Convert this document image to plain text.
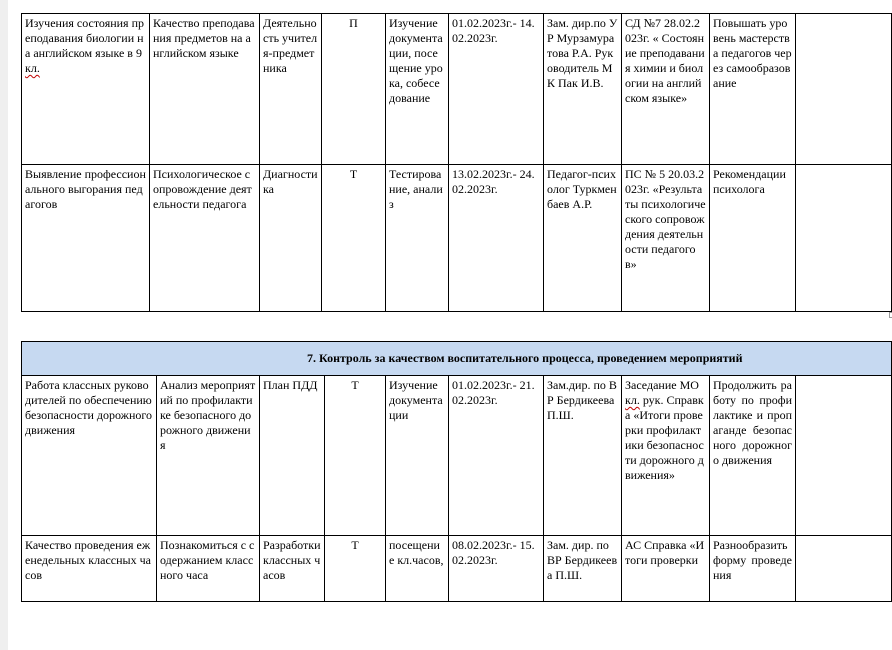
Изучения состояния преподавания биологии на английском языке в 9 кл.	Качество преподавания предметов на английском языке	Деятельность учителя-предметника	П	Изучение документации, посещение урока, собеседование	01.02.2023г.- 14.02.2023г.	Зам. дир.по УР Мурзамуратова Р.А. Руководитель МК Пак И.В.	СД №7 28.02.2023г. « Состояние преподавания химии и биологии на английском языке»	Повышать уровень мастерства педагогов через самообразование	
Выявление профессионального выгорания педагогов	Психологическое сопровождение деятельности педагога	Диагностика	Т	Тестирование, анализ	13.02.2023г.- 24.02.2023г.	Педагог-психолог Туркменбаев А.Р.	ПС № 5 20.03.2023г. «Результаты психологического сопровождения деятельности педагогов»	Рекомендации психолога	
7. Контроль за качеством воспитательного процесса, проведением мероприятий									
Работа классных руководителей по обеспечению безопасности дорожного движения	Анализ мероприятий по профилактике безопасного дорожного движения	План ПДД	Т	Изучение документации	01.02.2023г.- 21.02.2023г.	Зам.дир. по ВР Бердикеева П.Ш.	Заседание МО кл. рук. Справка «Итоги проверки профилактики безопасности дорожного движения»	Продолжить работу по профилактике и пропаганде безопасного дорожного движения	
Качество проведения еженедельных классных часов	Познакомиться с содержанием классного часа	Разработки классных часов	Т	посещение кл.часов,	08.02.2023г.- 15.02.2023г.	Зам. дир. по ВР Бердикеева П.Ш.	АС Справка «Итоги проверки	Разнообразить форму проведения	
